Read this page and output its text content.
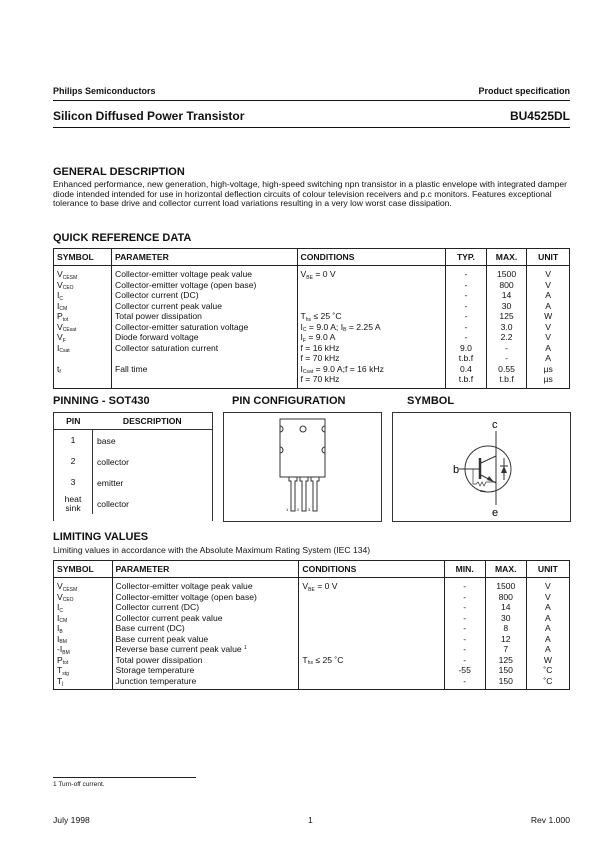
Philips Semiconductors	Product specification
Silicon Diffused Power Transistor	BU4525DL
GENERAL DESCRIPTION
Enhanced performance, new generation, high-voltage, high-speed switching npn transistor in a plastic envelope with integrated damper diode intended intended for use in horizontal deflection circuits of colour television receivers and p.c monitors. Features exceptional tolerance to base drive and collector current load variations resulting in a very low worst case dissipation.
QUICK REFERENCE DATA
SYMBOL	PARAMETER	CONDITIONS	TYP.	MAX.	UNIT
$V_{CESM}$	Collector-emitter voltage peak value	$V_{BE} = 0$ V	-	1500	V
$V_{CEO}$	Collector-emitter voltage (open base)		-	800	V
$I_C$	Collector current (DC)		-	14	A
$I_{CM}$	Collector current peak value		-	30	A
$P_{tot}$	Total power dissipation	$T_{hs} \le 25$ ˚C	-	125	W
$V_{CEsat}$	Collector-emitter saturation voltage	$I_C = 9.0$ A; $I_B = 2.25$ A	-	3.0	V
$V_F$	Diode forward voltage	$I_F = 9.0$ A	-	2.2	V
$I_{Csat}$	Collector saturation current	f = 16 kHz	9.0	-	A
		f = 70 kHz	t.b.f	-	A
$t_f$	Fall time	$I_{Csat} = 9.0$ A;f = 16 kHz	0.4	0.55	µs
		f = 70 kHz	t.b.f	t.b.f	µs
PINNING - SOT430	PIN CONFIGURATION	SYMBOL
PIN	DESCRIPTION
1	base
2	collector
3	emitter
heat sink	collector
1 2 3
c
b
e
Rbe
LIMITING VALUES
Limiting values in accordance with the Absolute Maximum Rating System (IEC 134)
SYMBOL	PARAMETER	CONDITIONS	MIN.	MAX.	UNIT
$V_{CESM}$	Collector-emitter voltage peak value	$V_{BE} = 0$ V	-	1500	V
$V_{CEO}$	Collector-emitter voltage (open base)		-	800	V
$I_C$	Collector current (DC)		-	14	A
$I_{CM}$	Collector current peak value		-	30	A
$I_B$	Base current (DC)		-	8	A
$I_{BM}$	Base current peak value		-	12	A
$-I_{BM}$	Reverse base current peak value $^1$		-	7	A
$P_{tot}$	Total power dissipation	$T_{hs} \le 25$ ˚C	-	125	W
$T_{stg}$	Storage temperature		-55	150	˚C
$T_j$	Junction temperature		-	150	˚C
1 Turn-off current.
July 1998	1	Rev 1.000
